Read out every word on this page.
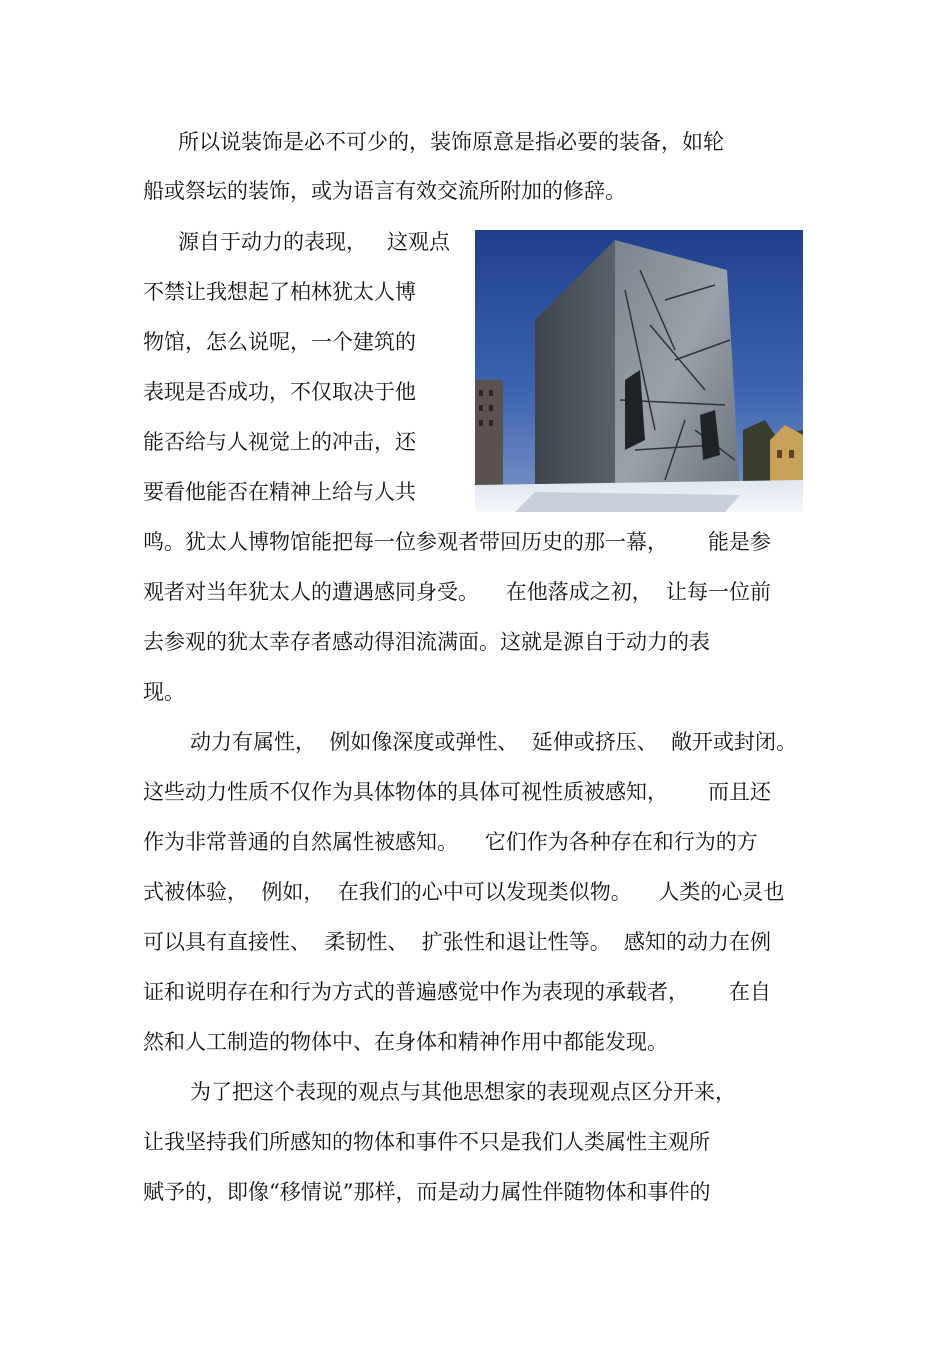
所以说装饰是必不可少的，装饰原意是指必要的装备，如轮
船或祭坛的装饰，或为语言有效交流所附加的修辞。
源自于动力的表现，   这观点
不禁让我想起了柏林犹太人博
物馆，怎么说呢，一个建筑的
表现是否成功，不仅取决于他
能否给与人视觉上的冲击，还
要看他能否在精神上给与人共
鸣。犹太人博物馆能把每一位参观者带回历史的那一幕，      能是参
观者对当年犹太人的遭遇感同身受。    在他落成之初，  让每一位前
去参观的犹太幸存者感动得泪流满面。这就是源自于动力的表
现。
动力有属性，  例如像深度或弹性、  延伸或挤压、  敞开或封闭。
这些动力性质不仅作为具体物体的具体可视性质被感知，      而且还
作为非常普通的自然属性被感知。    它们作为各种存在和行为的方
式被体验，  例如，  在我们的心中可以发现类似物。    人类的心灵也
可以具有直接性、  柔韧性、  扩张性和退让性等。  感知的动力在例
证和说明存在和行为方式的普遍感觉中作为表现的承载者，      在自
然和人工制造的物体中、在身体和精神作用中都能发现。
为了把这个表现的观点与其他思想家的表现观点区分开来，
让我坚持我们所感知的物体和事件不只是我们人类属性主观所
赋予的，即像“移情说”那样，而是动力属性伴随物体和事件的
